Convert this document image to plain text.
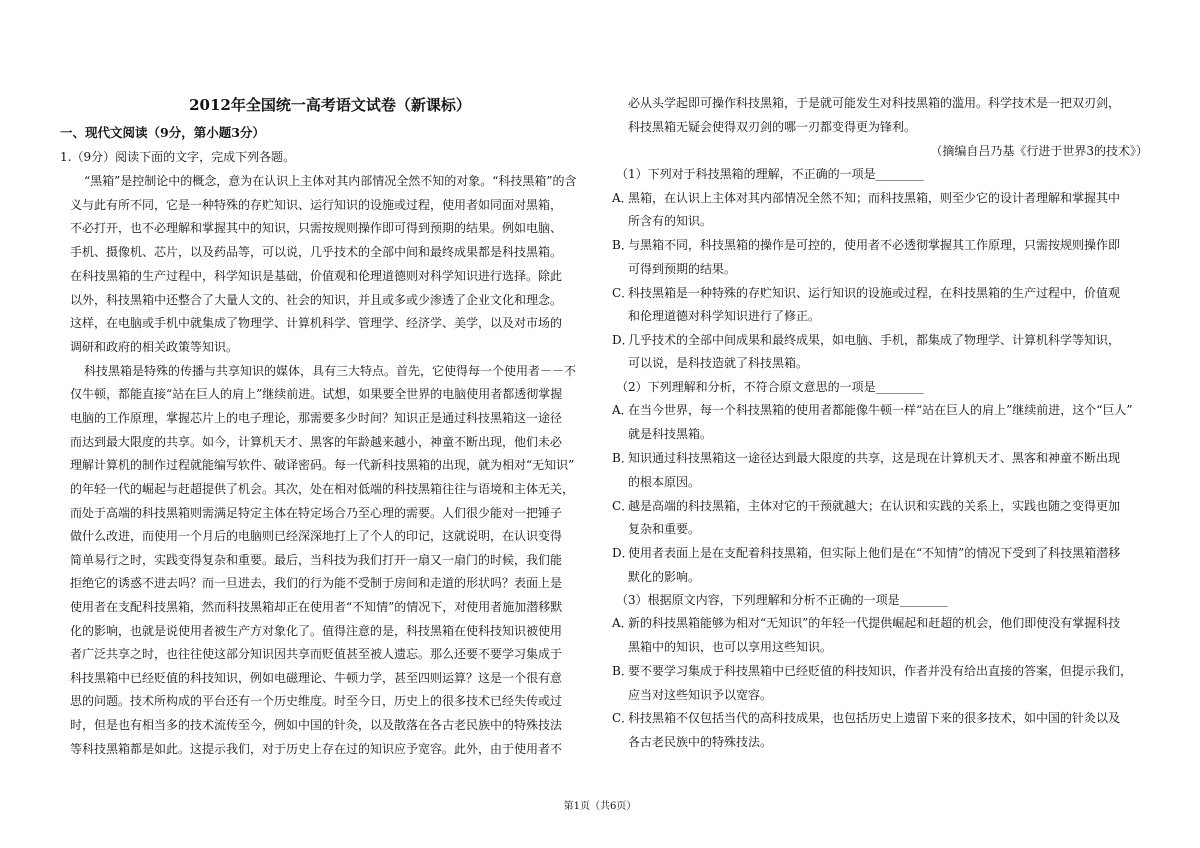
2012年全国统一高考语文试卷（新课标）
一、现代文阅读（9分，第小题3分）
1.（9分）阅读下面的文字，完成下列各题。
“黑箱”是控制论中的概念，意为在认识上主体对其内部情况全然不知的对象。“科技黑箱”的含
义与此有所不同，它是一种特殊的存贮知识、运行知识的设施或过程，使用者如同面对黑箱，
不必打开，也不必理解和掌握其中的知识，只需按规则操作即可得到预期的结果。例如电脑、
手机、摄像机、芯片，以及药品等，可以说，几乎技术的全部中间和最终成果都是科技黑箱。
在科技黑箱的生产过程中，科学知识是基础，价值观和伦理道德则对科学知识进行选择。除此
以外，科技黑箱中还整合了大量人文的、社会的知识，并且或多或少渗透了企业文化和理念。
这样，在电脑或手机中就集成了物理学、计算机科学、管理学、经济学、美学，以及对市场的
调研和政府的相关政策等知识。
科技黑箱是特殊的传播与共享知识的媒体，具有三大特点。首先，它使得每一个使用者－－不
仅牛顿，都能直接“站在巨人的肩上”继续前进。试想，如果要全世界的电脑使用者都透彻掌握
电脑的工作原理，掌握芯片上的电子理论，那需要多少时间？知识正是通过科技黑箱这一途径
而达到最大限度的共享。如今，计算机天才、黑客的年龄越来越小，神童不断出现，他们未必
理解计算机的制作过程就能编写软件、破译密码。每一代新科技黑箱的出现，就为相对“无知识”
的年轻一代的崛起与赶超提供了机会。其次，处在相对低端的科技黑箱往往与语境和主体无关，
而处于高端的科技黑箱则需满足特定主体在特定场合乃至心理的需要。人们很少能对一把锤子
做什么改进，而使用一个月后的电脑则已经深深地打上了个人的印记，这就说明，在认识变得
简单易行之时，实践变得复杂和重要。最后，当科技为我们打开一扇又一扇门的时候，我们能
拒绝它的诱惑不进去吗？而一旦进去，我们的行为能不受制于房间和走道的形状吗？表面上是
使用者在支配科技黑箱，然而科技黑箱却正在使用者“不知情”的情况下，对使用者施加潜移默
化的影响，也就是说使用者被生产方对象化了。值得注意的是，科技黑箱在使科技知识被使用
者广泛共享之时，也往往使这部分知识因共享而贬值甚至被人遗忘。那么还要不要学习集成于
科技黑箱中已经贬值的科技知识，例如电磁理论、牛顿力学，甚至四则运算？这是一个很有意
思的问题。技术所构成的平台还有一个历史维度。时至今日，历史上的很多技术已经失传或过
时，但是也有相当多的技术流传至今，例如中国的针灸，以及散落在各古老民族中的特殊技法
等科技黑箱都是如此。这提示我们，对于历史上存在过的知识应予宽容。此外，由于使用者不
必从头学起即可操作科技黑箱，于是就可能发生对科技黑箱的滥用。科学技术是一把双刃剑，
科技黑箱无疑会使得双刃剑的哪一刃都变得更为锋利。
（摘编自吕乃基《行进于世界3的技术》）
（1）下列对于科技黑箱的理解，不正确的一项是________
A．
黑箱，在认识上主体对其内部情况全然不知；而科技黑箱，则至少它的设计者理解和掌握其中
所含有的知识。
B．
与黑箱不同，科技黑箱的操作是可控的，使用者不必透彻掌握其工作原理，只需按规则操作即
可得到预期的结果。
C．
科技黑箱是一种特殊的存贮知识、运行知识的设施或过程，在科技黑箱的生产过程中，价值观
和伦理道德对科学知识进行了修正。
D．
几乎技术的全部中间成果和最终成果，如电脑、手机，都集成了物理学、计算机科学等知识，
可以说，是科技造就了科技黑箱。
（2）下列理解和分析，不符合原文意思的一项是________
A．
在当今世界，每一个科技黑箱的使用者都能像牛顿一样“站在巨人的肩上”继续前进，这个“巨人”
就是科技黑箱。
B．
知识通过科技黑箱这一途径达到最大限度的共享，这是现在计算机天才、黑客和神童不断出现
的根本原因。
C．
越是高端的科技黑箱，主体对它的干预就越大；在认识和实践的关系上，实践也随之变得更加
复杂和重要。
D．
使用者表面上是在支配着科技黑箱，但实际上他们是在“不知情”的情况下受到了科技黑箱潜移
默化的影响。
（3）根据原文内容，下列理解和分析不正确的一项是________
A．
新的科技黑箱能够为相对“无知识”的年轻一代提供崛起和赶超的机会，他们即使没有掌握科技
黑箱中的知识，也可以享用这些知识。
B．
要不要学习集成于科技黑箱中已经贬值的科技知识，作者并没有给出直接的答案，但提示我们，
应当对这些知识予以宽容。
C．
科技黑箱不仅包括当代的高科技成果，也包括历史上遗留下来的很多技术，如中国的针灸以及
各古老民族中的特殊技法。
第1页（共6页）
